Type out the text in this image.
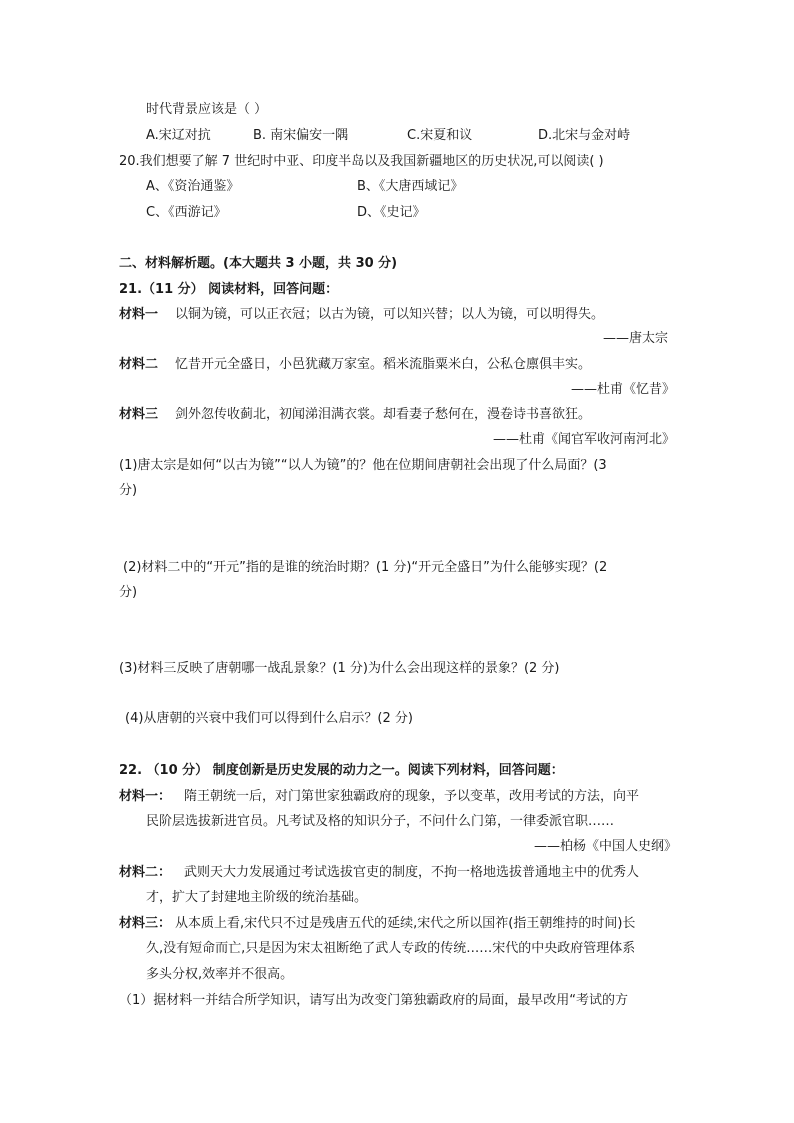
时代背景应该是（ ）
A.宋辽对抗	B. 南宋偏安一隅	C.宋夏和议	D.北宋与金对峙
20.我们想要了解 7 世纪时中亚、印度半岛以及我国新疆地区的历史状况,可以阅读( )
A、《资治通鉴》	B、《大唐西域记》
C、《西游记》	D、《史记》
二、材料解析题。(本大题共 3 小题，共 30 分)
21.（11 分） 阅读材料，回答问题：
材料一 以铜为镜，可以正衣冠；以古为镜，可以知兴替；以人为镜，可以明得失。
——唐太宗
材料二 忆昔开元全盛日，小邑犹藏万家室。稻米流脂粟米白，公私仓廪俱丰实。
——杜甫《忆昔》
材料三 剑外忽传收蓟北，初闻涕泪满衣裳。却看妻子愁何在，漫卷诗书喜欲狂。
——杜甫《闻官军收河南河北》
(1)唐太宗是如何“以古为镜”“以人为镜”的？他在位期间唐朝社会出现了什么局面？(3
分)
(2)材料二中的“开元”指的是谁的统治时期？(1 分)“开元全盛日”为什么能够实现？(2
分)
(3)材料三反映了唐朝哪一战乱景象？(1 分)为什么会出现这样的景象？(2 分)
(4)从唐朝的兴衰中我们可以得到什么启示？(2 分)
22. （10 分） 制度创新是历史发展的动力之一。阅读下列材料，回答问题：
材料一： 隋王朝统一后，对门第世家独霸政府的现象，予以变革，改用考试的方法，向平
民阶层选拔新进官员。凡考试及格的知识分子，不问什么门第，一律委派官职……
——柏杨《中国人史纲》
材料二： 武则天大力发展通过考试选拔官吏的制度，不拘一格地选拔普通地主中的优秀人
才，扩大了封建地主阶级的统治基础。
材料三： 从本质上看,宋代只不过是残唐五代的延续,宋代之所以国祚(指王朝维持的时间)长
久,没有短命而亡,只是因为宋太祖断绝了武人专政的传统……宋代的中央政府管理体系
多头分权,效率并不很高。
（1）据材料一并结合所学知识，请写出为改变门第独霸政府的局面，最早改用“考试的方
